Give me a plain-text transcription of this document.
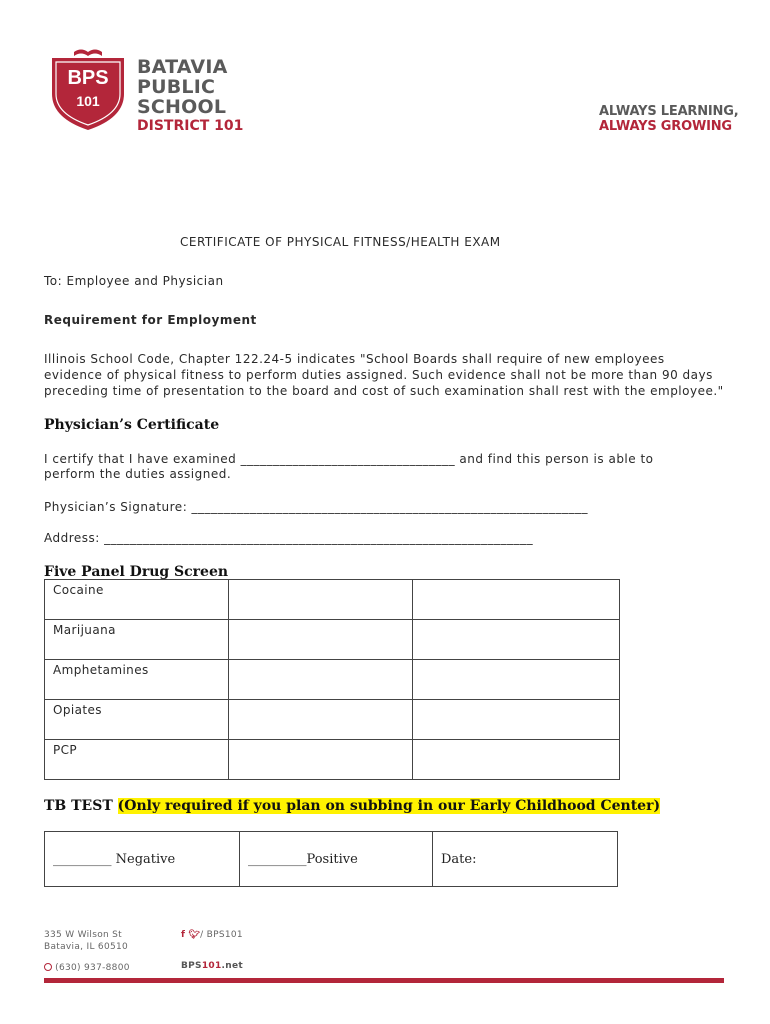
BPS
101
BATAVIA
PUBLIC
SCHOOL
DISTRICT 101
ALWAYS LEARNING,
ALWAYS GROWING
CERTIFICATE OF PHYSICAL FITNESS/HEALTH EXAM
To: Employee and Physician
Requirement for Employment
Illinois School Code, Chapter 122.24-5 indicates "School Boards shall require of new employees evidence of physical fitness to perform duties assigned. Such evidence shall not be more than 90 days preceding time of presentation to the board and cost of such examination shall rest with the employee."
Physician’s Certificate
I certify that I have examined _________________________________ and find this person is able to
perform the duties assigned.
Physician’s Signature: _____________________________________________________________
Address: __________________________________________________________________
Five Panel Drug Screen
Cocaine		
Marijuana		
Amphetamines		
Opiates		
PCP		
TB TEST (Only required if you plan on subbing in our Early Childhood Center)
_________ Negative	_________Positive	Date:
335 W Wilson St
Batavia, IL 60510
f 🐦︎/ BPS101
(630) 937-8800	BPS101.net
